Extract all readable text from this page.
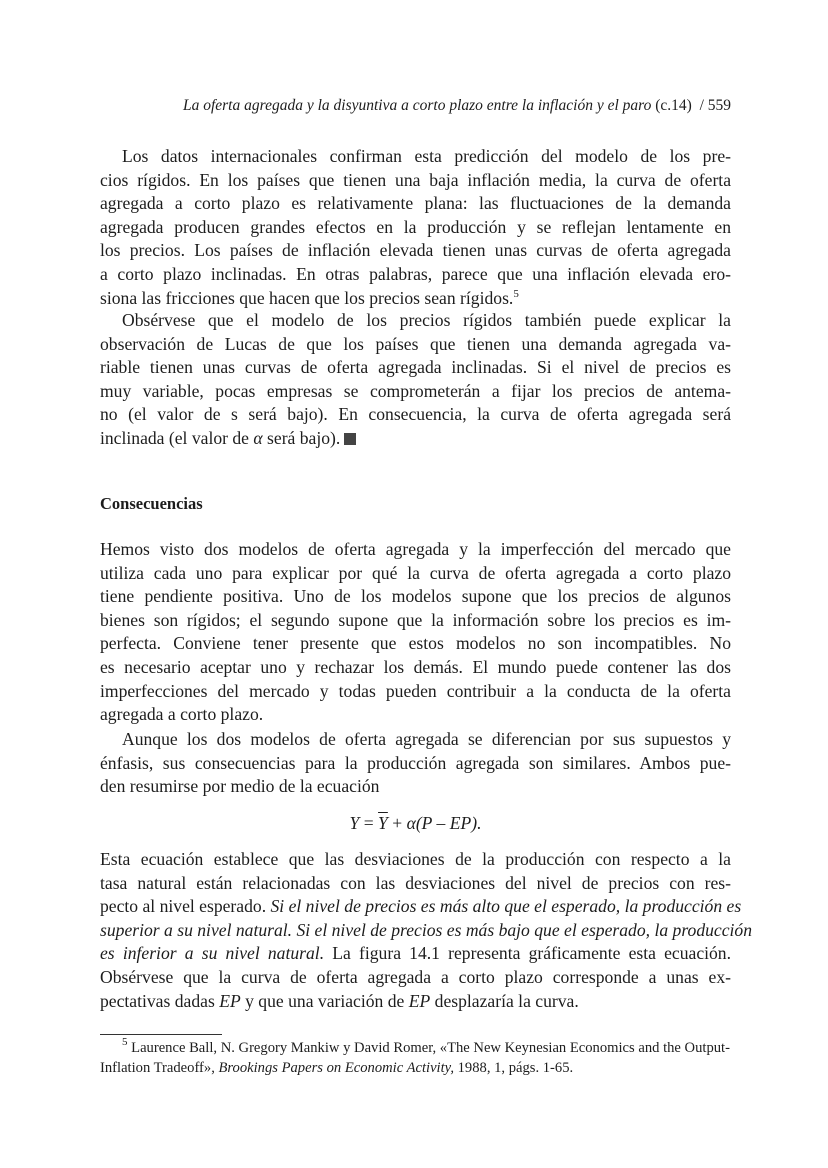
La oferta agregada y la disyuntiva a corto plazo entre la inflación y el paro (c.14) / 559
Los datos internacionales confirman esta predicción del modelo de los pre-
cios rígidos. En los países que tienen una baja inflación media, la curva de oferta
agregada a corto plazo es relativamente plana: las fluctuaciones de la demanda
agregada producen grandes efectos en la producción y se reflejan lentamente en
los precios. Los países de inflación elevada tienen unas curvas de oferta agregada
a corto plazo inclinadas. En otras palabras, parece que una inflación elevada ero-
siona las fricciones que hacen que los precios sean rígidos.$^5$
Obsérvese que el modelo de los precios rígidos también puede explicar la
observación de Lucas de que los países que tienen una demanda agregada va-
riable tienen unas curvas de oferta agregada inclinadas. Si el nivel de precios es
muy variable, pocas empresas se comprometerán a fijar los precios de antema-
no (el valor de s será bajo). En consecuencia, la curva de oferta agregada será
inclinada (el valor de α será bajo).
Consecuencias
Hemos visto dos modelos de oferta agregada y la imperfección del mercado que
utiliza cada uno para explicar por qué la curva de oferta agregada a corto plazo
tiene pendiente positiva. Uno de los modelos supone que los precios de algunos
bienes son rígidos; el segundo supone que la información sobre los precios es im-
perfecta. Conviene tener presente que estos modelos no son incompatibles. No
es necesario aceptar uno y rechazar los demás. El mundo puede contener las dos
imperfecciones del mercado y todas pueden contribuir a la conducta de la oferta
agregada a corto plazo.
Aunque los dos modelos de oferta agregada se diferencian por sus supuestos y
énfasis, sus consecuencias para la producción agregada son similares. Ambos pue-
den resumirse por medio de la ecuación
$Y = \overline{Y} + \alpha(P - EP)$.
Esta ecuación establece que las desviaciones de la producción con respecto a la
tasa natural están relacionadas con las desviaciones del nivel de precios con res-
pecto al nivel esperado. Si el nivel de precios es más alto que el esperado, la producción es
superior a su nivel natural. Si el nivel de precios es más bajo que el esperado, la producción
es inferior a su nivel natural. La figura 14.1 representa gráficamente esta ecuación.
Obsérvese que la curva de oferta agregada a corto plazo corresponde a unas ex-
pectativas dadas EP y que una variación de EP desplazaría la curva.
$^5$ Laurence Ball, N. Gregory Mankiw y David Romer, «The New Keynesian Economics and the Output-Inflation Tradeoff», Brookings Papers on Economic Activity, 1988, 1, págs. 1-65.
